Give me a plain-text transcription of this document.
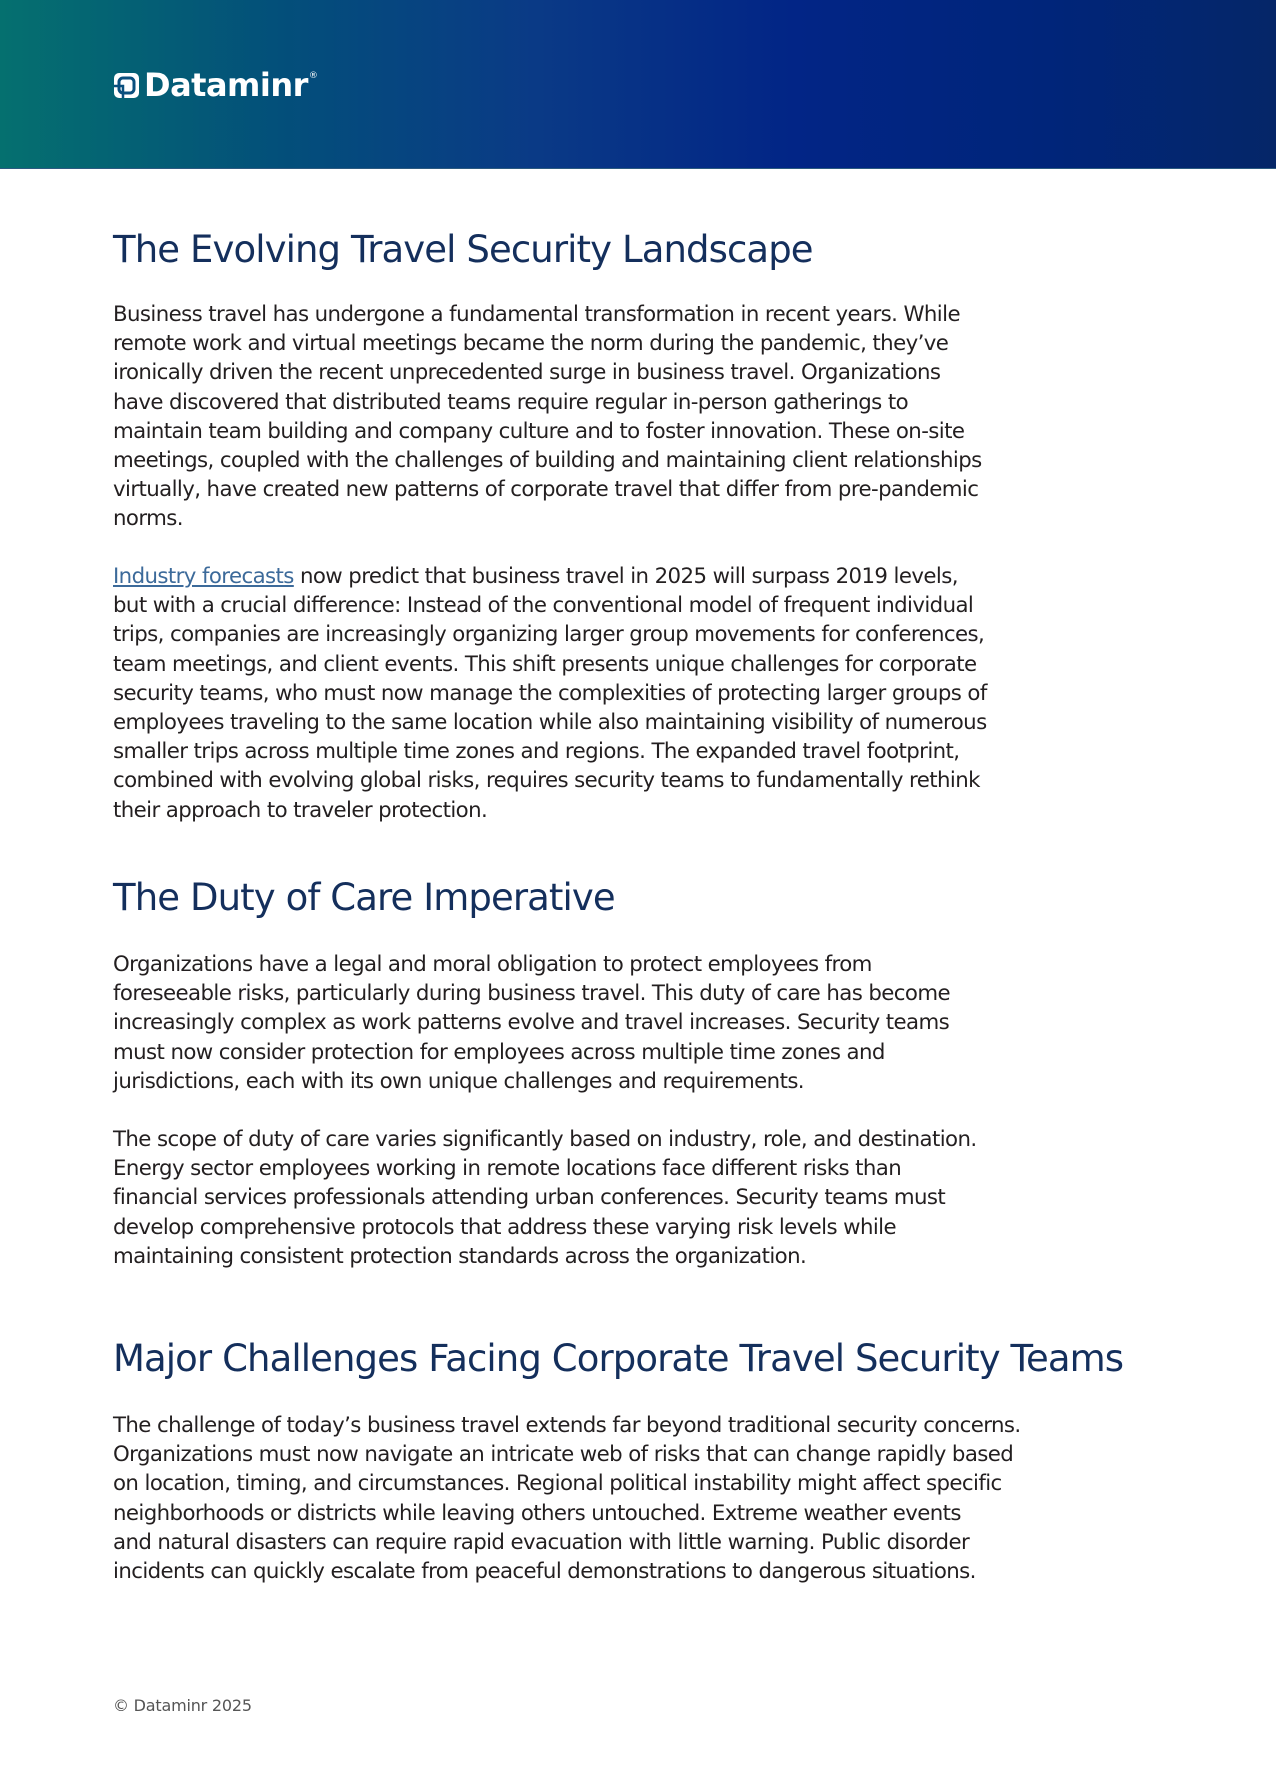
Dataminr ®
The Evolving Travel Security Landscape

Business travel has undergone a fundamental transformation in recent years. While
remote work and virtual meetings became the norm during the pandemic, they’ve
ironically driven the recent unprecedented surge in business travel. Organizations
have discovered that distributed teams require regular in-person gatherings to
maintain team building and company culture and to foster innovation. These on-site
meetings, coupled with the challenges of building and maintaining client relationships
virtually, have created new patterns of corporate travel that differ from pre-pandemic
norms.

Industry forecasts now predict that business travel in 2025 will surpass 2019 levels,
but with a crucial difference: Instead of the conventional model of frequent individual
trips, companies are increasingly organizing larger group movements for conferences,
team meetings, and client events. This shift presents unique challenges for corporate
security teams, who must now manage the complexities of protecting larger groups of
employees traveling to the same location while also maintaining visibility of numerous
smaller trips across multiple time zones and regions. The expanded travel footprint,
combined with evolving global risks, requires security teams to fundamentally rethink
their approach to traveler protection.

The Duty of Care Imperative

Organizations have a legal and moral obligation to protect employees from
foreseeable risks, particularly during business travel. This duty of care has become
increasingly complex as work patterns evolve and travel increases. Security teams
must now consider protection for employees across multiple time zones and
jurisdictions, each with its own unique challenges and requirements.

The scope of duty of care varies significantly based on industry, role, and destination.
Energy sector employees working in remote locations face different risks than
financial services professionals attending urban conferences. Security teams must
develop comprehensive protocols that address these varying risk levels while
maintaining consistent protection standards across the organization.

Major Challenges Facing Corporate Travel Security Teams

The challenge of today’s business travel extends far beyond traditional security concerns.
Organizations must now navigate an intricate web of risks that can change rapidly based
on location, timing, and circumstances. Regional political instability might affect specific
neighborhoods or districts while leaving others untouched. Extreme weather events
and natural disasters can require rapid evacuation with little warning. Public disorder
incidents can quickly escalate from peaceful demonstrations to dangerous situations.

© Dataminr 2025
